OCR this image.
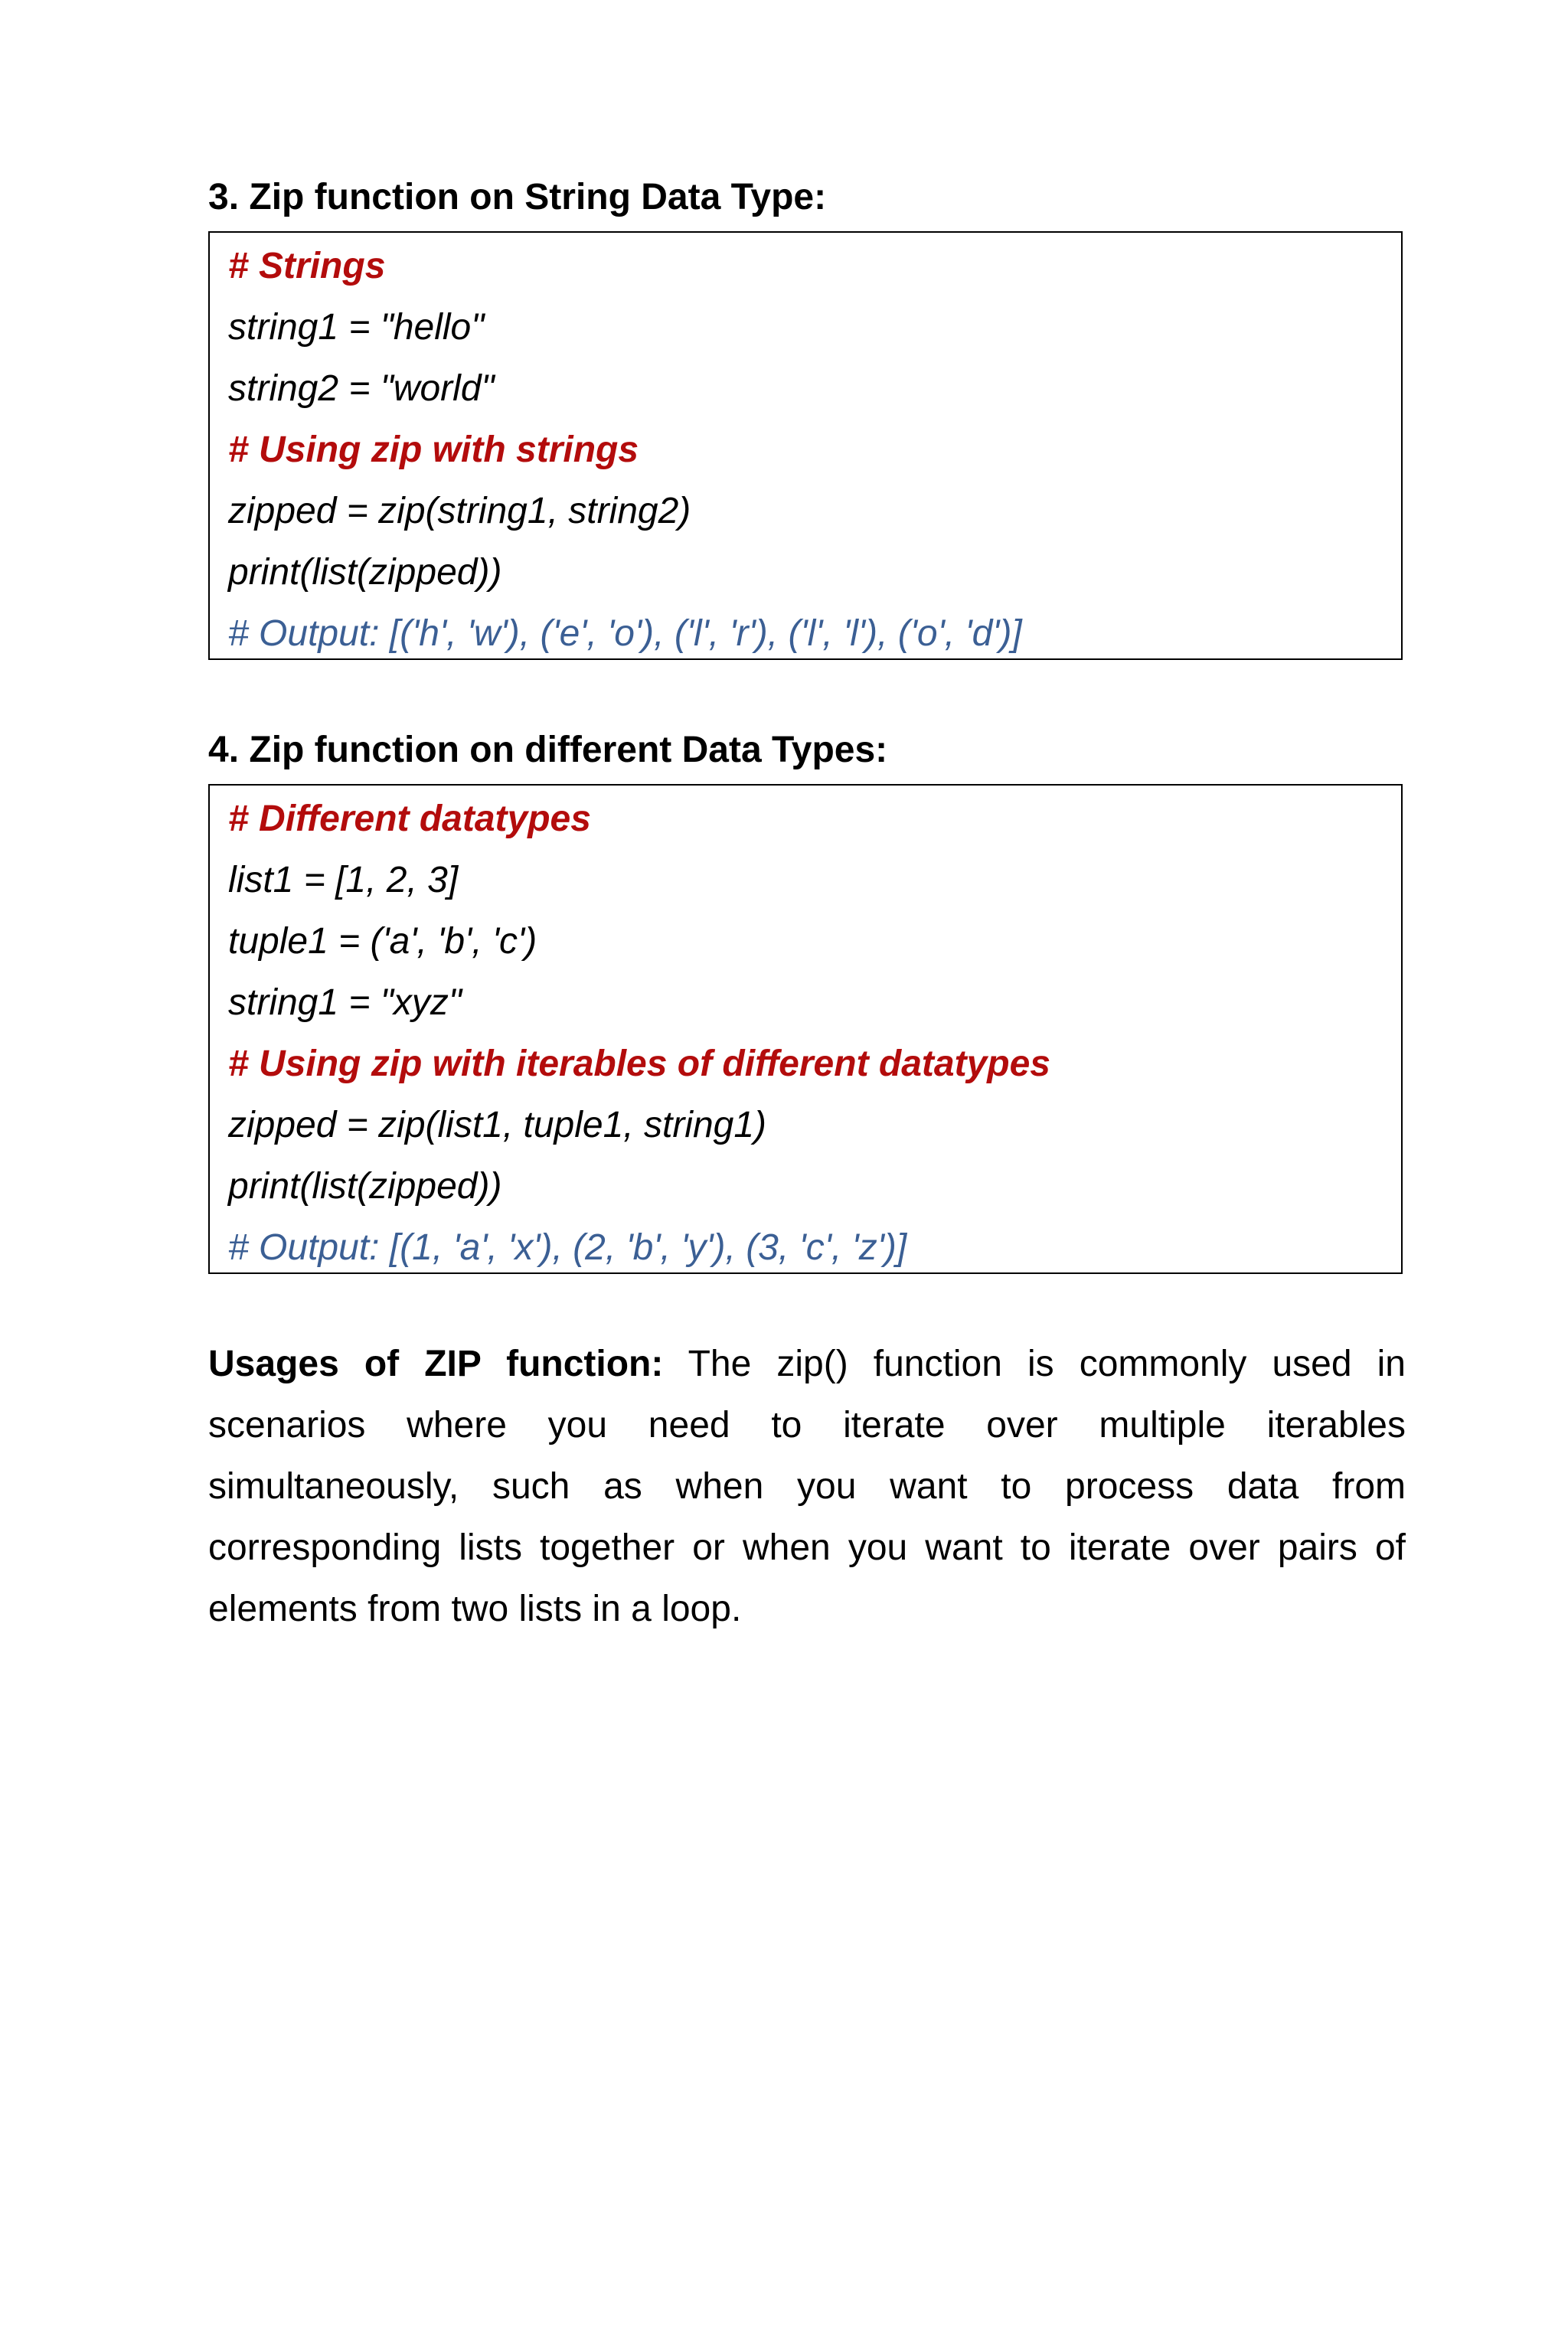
3. Zip function on String Data Type:
# Strings
string1 = "hello"
string2 = "world"
# Using zip with strings
zipped = zip(string1, string2)
print(list(zipped))
# Output: [('h', 'w'), ('e', 'o'), ('l', 'r'), ('l', 'l'), ('o', 'd')]
4. Zip function on different Data Types:
# Different datatypes
list1 = [1, 2, 3]
tuple1 = ('a', 'b', 'c')
string1 = "xyz"
# Using zip with iterables of different datatypes
zipped = zip(list1, tuple1, string1)
print(list(zipped))
# Output: [(1, 'a', 'x'), (2, 'b', 'y'), (3, 'c', 'z')]

Usages of ZIP function: The zip() function is commonly used in scenarios where you need to iterate over multiple iterables simultaneously, such as when you want to process data from corresponding lists together or when you want to iterate over pairs of elements from two lists in a loop.
